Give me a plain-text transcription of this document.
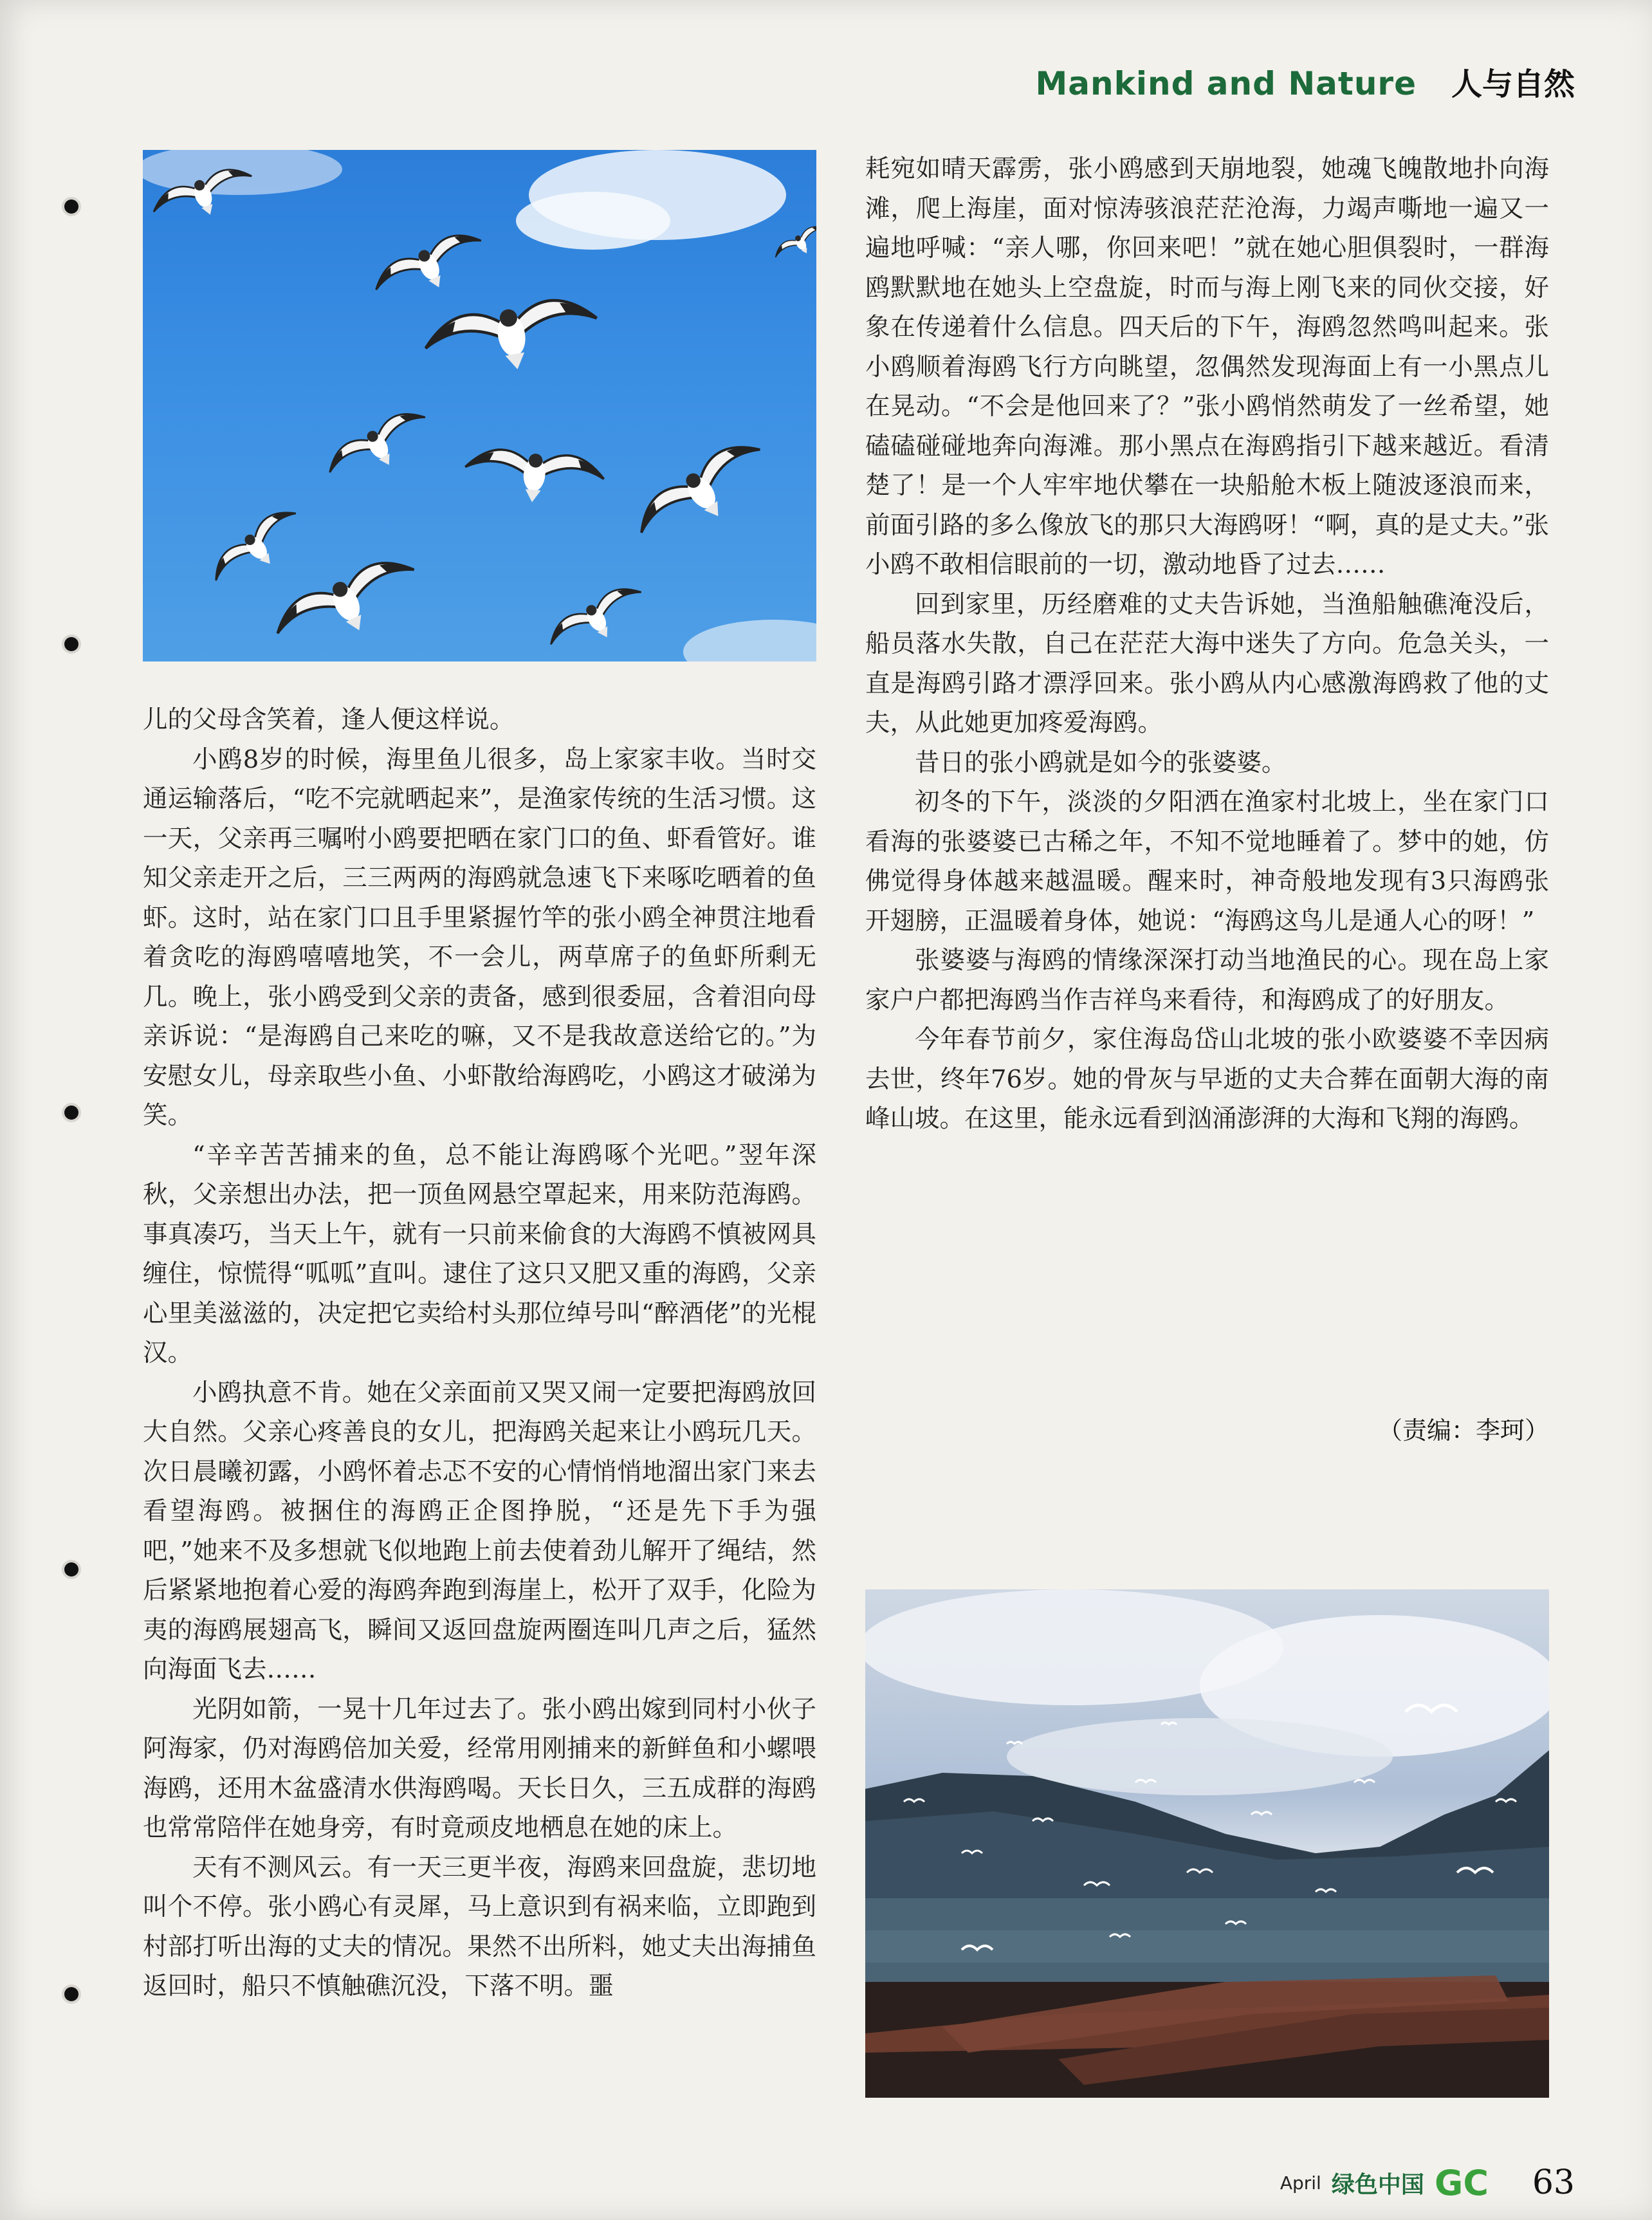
Mankind and Nature 人与自然

儿的父母含笑着，逢人便这样说。

小鸥8岁的时候，海里鱼儿很多，岛上家家丰收。当时交通运输落后，“吃不完就晒起来”，是渔家传统的生活习惯。这一天，父亲再三嘱咐小鸥要把晒在家门口的鱼、虾看管好。谁知父亲走开之后，三三两两的海鸥就急速飞下来啄吃晒着的鱼虾。这时，站在家门口且手里紧握竹竿的张小鸥全神贯注地看着贪吃的海鸥嘻嘻地笑，不一会儿，两草席子的鱼虾所剩无几。晚上，张小鸥受到父亲的责备，感到很委屈，含着泪向母亲诉说：“是海鸥自己来吃的嘛，又不是我故意送给它的。”为安慰女儿，母亲取些小鱼、小虾散给海鸥吃，小鸥这才破涕为笑。

“辛辛苦苦捕来的鱼，总不能让海鸥啄个光吧。”翌年深秋，父亲想出办法，把一顶鱼网悬空罩起来，用来防范海鸥。事真凑巧，当天上午，就有一只前来偷食的大海鸥不慎被网具缠住，惊慌得“呱呱”直叫。逮住了这只又肥又重的海鸥，父亲心里美滋滋的，决定把它卖给村头那位绰号叫“醉酒佬”的光棍汉。

小鸥执意不肯。她在父亲面前又哭又闹一定要把海鸥放回大自然。父亲心疼善良的女儿，把海鸥关起来让小鸥玩几天。次日晨曦初露，小鸥怀着忐忑不安的心情悄悄地溜出家门来去看望海鸥。被捆住的海鸥正企图挣脱，“还是先下手为强吧，”她来不及多想就飞似地跑上前去使着劲儿解开了绳结，然后紧紧地抱着心爱的海鸥奔跑到海崖上，松开了双手，化险为夷的海鸥展翅高飞，瞬间又返回盘旋两圈连叫几声之后，猛然向海面飞去……

光阴如箭，一晃十几年过去了。张小鸥出嫁到同村小伙子阿海家，仍对海鸥倍加关爱，经常用刚捕来的新鲜鱼和小螺喂海鸥，还用木盆盛清水供海鸥喝。天长日久，三五成群的海鸥也常常陪伴在她身旁，有时竟顽皮地栖息在她的床上。

天有不测风云。有一天三更半夜，海鸥来回盘旋，悲切地叫个不停。张小鸥心有灵犀，马上意识到有祸来临，立即跑到村部打听出海的丈夫的情况。果然不出所料，她丈夫出海捕鱼返回时，船只不慎触礁沉没，下落不明。噩

耗宛如晴天霹雳，张小鸥感到天崩地裂，她魂飞魄散地扑向海滩，爬上海崖，面对惊涛骇浪茫茫沧海，力竭声嘶地一遍又一遍地呼喊：“亲人哪，你回来吧！”就在她心胆俱裂时，一群海鸥默默地在她头上空盘旋，时而与海上刚飞来的同伙交接，好象在传递着什么信息。四天后的下午，海鸥忽然鸣叫起来。张小鸥顺着海鸥飞行方向眺望，忽偶然发现海面上有一小黑点儿在晃动。“不会是他回来了？”张小鸥悄然萌发了一丝希望，她磕磕碰碰地奔向海滩。那小黑点在海鸥指引下越来越近。看清楚了！是一个人牢牢地伏攀在一块船舱木板上随波逐浪而来，前面引路的多么像放飞的那只大海鸥呀！“啊，真的是丈夫。”张小鸥不敢相信眼前的一切，激动地昏了过去……

回到家里，历经磨难的丈夫告诉她，当渔船触礁淹没后，船员落水失散，自己在茫茫大海中迷失了方向。危急关头，一直是海鸥引路才漂浮回来。张小鸥从内心感激海鸥救了他的丈夫，从此她更加疼爱海鸥。

昔日的张小鸥就是如今的张婆婆。

初冬的下午，淡淡的夕阳洒在渔家村北坡上，坐在家门口看海的张婆婆已古稀之年，不知不觉地睡着了。梦中的她，仿佛觉得身体越来越温暖。醒来时，神奇般地发现有3只海鸥张开翅膀，正温暖着身体，她说：“海鸥这鸟儿是通人心的呀！”

张婆婆与海鸥的情缘深深打动当地渔民的心。现在岛上家家户户都把海鸥当作吉祥鸟来看待，和海鸥成了的好朋友。

今年春节前夕，家住海岛岱山北坡的张小欧婆婆不幸因病去世，终年76岁。她的骨灰与早逝的丈夫合葬在面朝大海的南峰山坡。在这里，能永远看到汹涌澎湃的大海和飞翔的海鸥。

（责编：李珂）
April 绿色中国 GC 63
